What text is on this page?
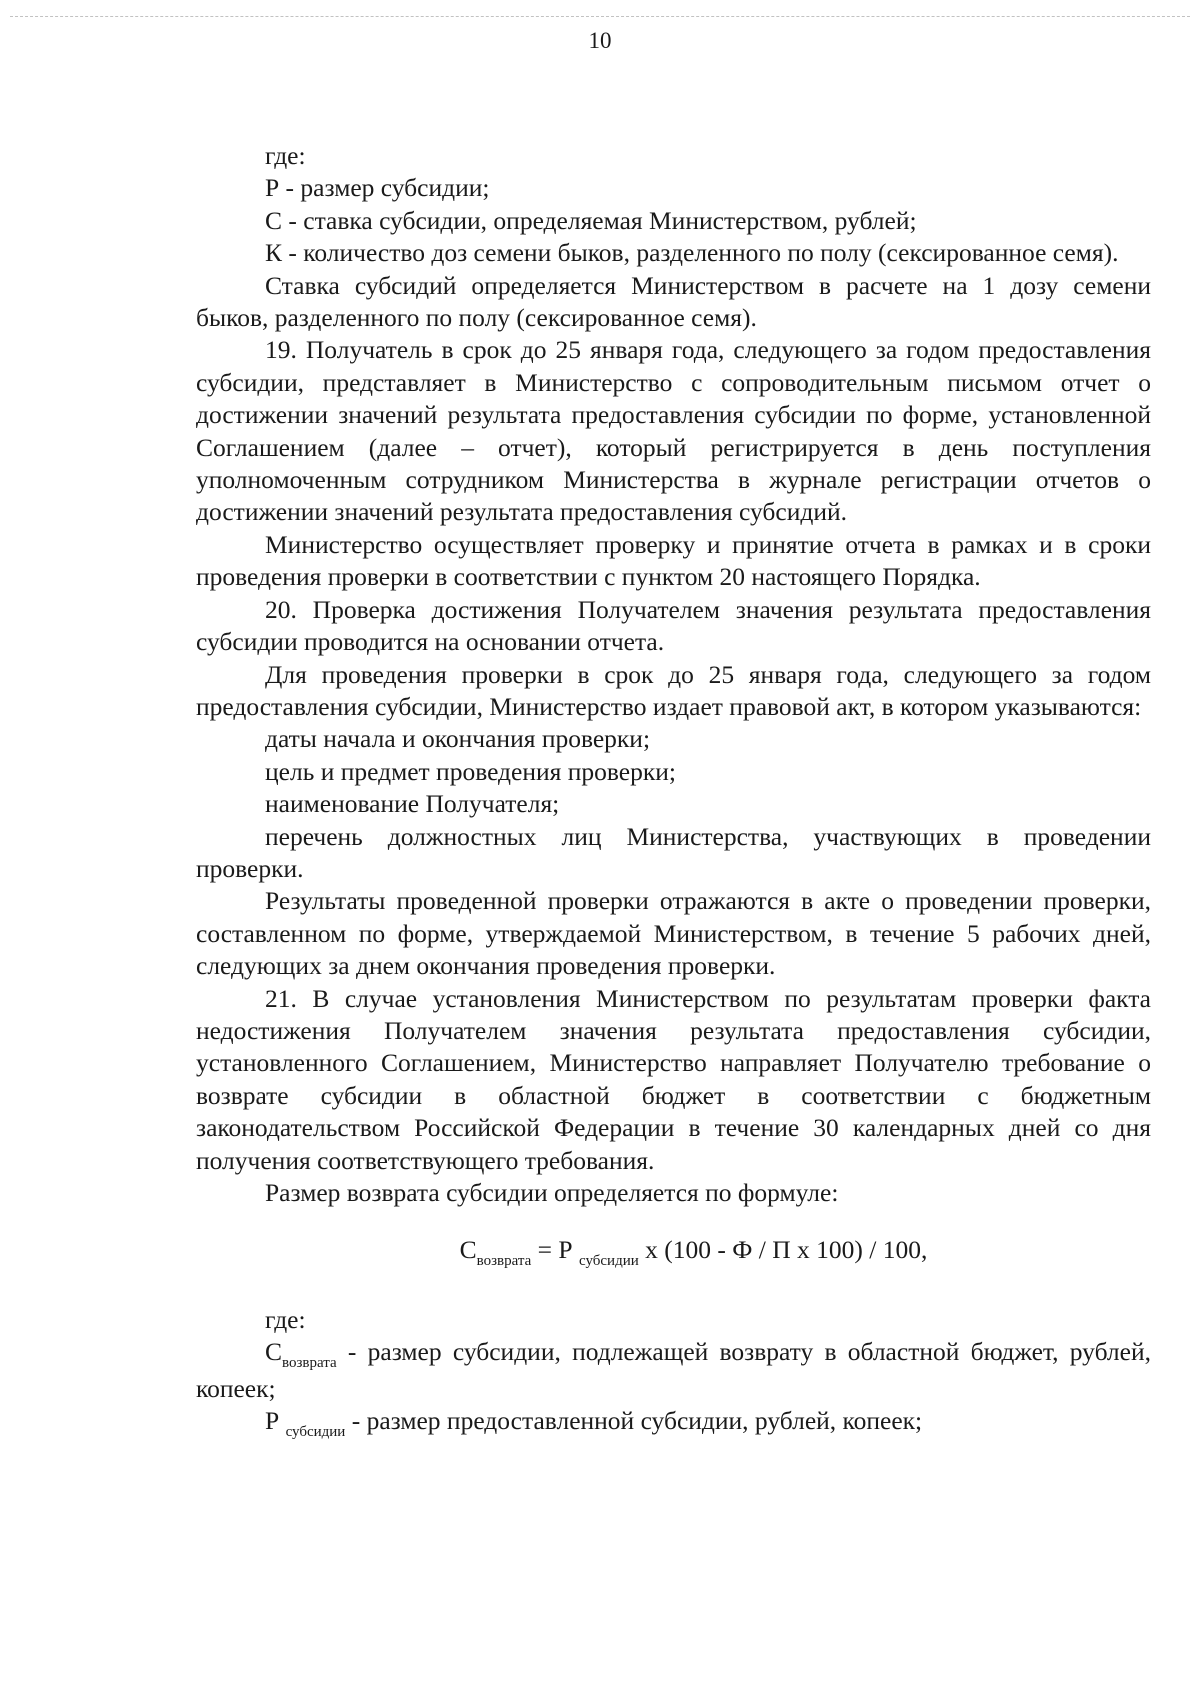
10

где:

Р - размер субсидии;

С - ставка субсидии, определяемая Министерством, рублей;

К - количество доз семени быков, разделенного по полу (сексированное семя).

Ставка субсидий определяется Министерством в расчете на 1 дозу семени быков, разделенного по полу (сексированное семя).

19. Получатель в срок до 25 января года, следующего за годом предоставления субсидии, представляет в Министерство с сопроводительным письмом отчет о достижении значений результата предоставления субсидии по форме, установленной Соглашением (далее – отчет), который регистрируется в день поступления уполномоченным сотрудником Министерства в журнале регистрации отчетов о достижении значений результата предоставления субсидий.

Министерство осуществляет проверку и принятие отчета в рамках и в сроки проведения проверки в соответствии с пунктом 20 настоящего Порядка.

20. Проверка достижения Получателем значения результата предоставления субсидии проводится на основании отчета.

Для проведения проверки в срок до 25 января года, следующего за годом предоставления субсидии, Министерство издает правовой акт, в котором указываются:

даты начала и окончания проверки;

цель и предмет проведения проверки;

наименование Получателя;

перечень должностных лиц Министерства, участвующих в проведении проверки.

Результаты проведенной проверки отражаются в акте о проведении проверки, составленном по форме, утверждаемой Министерством, в течение 5 рабочих дней, следующих за днем окончания проведения проверки.

21. В случае установления Министерством по результатам проверки факта недостижения Получателем значения результата предоставления субсидии, установленного Соглашением, Министерство направляет Получателю требование о возврате субсидии в областной бюджет в соответствии с бюджетным законодательством Российской Федерации в течение 30 календарных дней со дня получения соответствующего требования.

Размер возврата субсидии определяется по формуле:

$С_{возврата} = Р$ $_{субсидии}$ х (100 - Ф / П х 100) / 100,

где:

$С_{возврата}$ - размер субсидии, подлежащей возврату в областной бюджет, рублей, копеек;

Р $_{субсидии}$ - размер предоставленной субсидии, рублей, копеек;
